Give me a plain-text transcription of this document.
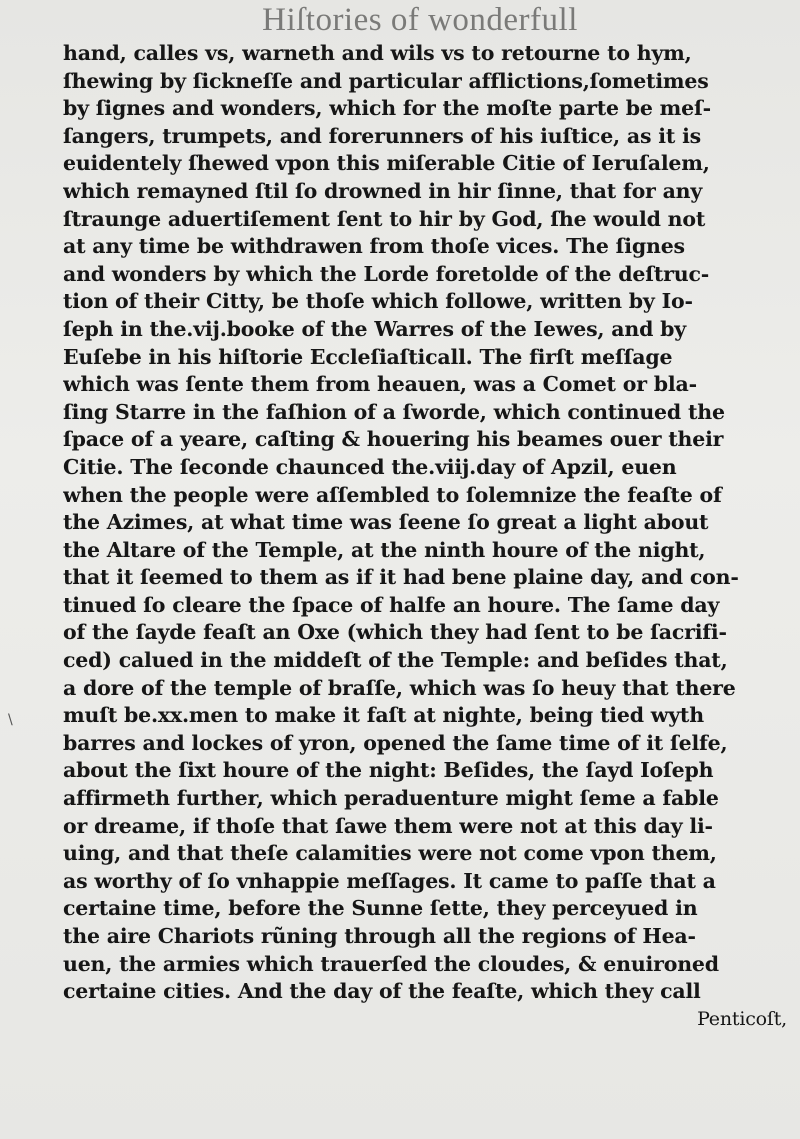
Hiſtories of wonderfull
\
hand, calles vs, warneth and wils vs to retourne to hym,
ſhewing by ſickneſſe and particular afflictions,ſometimes
by ſignes and wonders, which for the moſte parte be meſ-
ſangers, trumpets, and forerunners of his iuſtice, as it is
euidentely ſhewed vpon this miſerable Citie of Ieruſalem,
which remayned ſtil ſo drowned in hir ſinne, that for any
ſtraunge aduertiſement ſent to hir by God, ſhe would not
at any time be withdrawen from thoſe vices. The ſignes
and wonders by which the Lorde foretolde of the deſtruc-
tion of their Citty, be thoſe which followe, written by Io-
ſeph in the.vij.booke of the Warres of the Iewes, and by
Euſebe in his hiſtorie Eccleſiaſticall. The firſt meſſage
which was ſente them from heauen, was a Comet or bla-
ſing Starre in the faſhion of a ſworde, which continued the
ſpace of a yeare, caſting & houering his beames ouer their
Citie. The ſeconde chaunced the.viij.day of Apzil, euen
when the people were aſſembled to ſolemnize the feaſte of
the Azimes, at what time was ſeene ſo great a light about
the Altare of the Temple, at the ninth houre of the night,
that it ſeemed to them as if it had bene plaine day, and con-
tinued ſo cleare the ſpace of halfe an houre. The ſame day
of the ſayde feaſt an Oxe (which they had ſent to be ſacrifi-
ced) calued in the middeſt of the Temple: and beſides that,
a dore of the temple of braſſe, which was ſo heuy that there
muſt be.xx.men to make it faſt at nighte, being tied wyth
barres and lockes of yron, opened the ſame time of it ſelfe,
about the ſixt houre of the night: Beſides, the ſayd Ioſeph
affirmeth further, which peraduenture might ſeme a fable
or dreame, if thoſe that ſawe them were not at this day li-
uing, and that theſe calamities were not come vpon them,
as worthy of ſo vnhappie meſſages. It came to paſſe that a
certaine time, before the Sunne ſette, they perceyued in
the aire Chariots rũning through all the regions of Hea-
uen, the armies which trauerſed the cloudes, & enuironed
certaine cities. And the day of the feaſte, which they call
Penticoſt,
